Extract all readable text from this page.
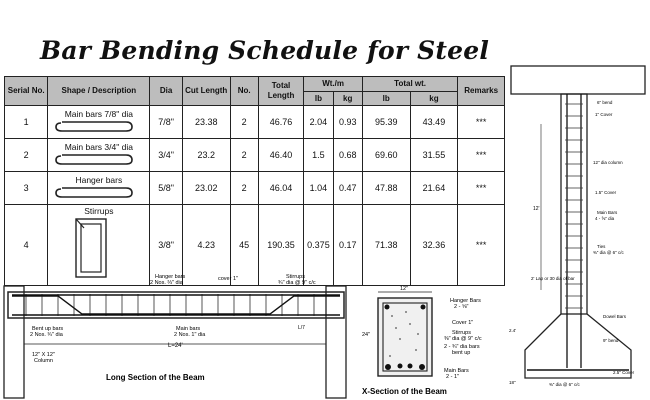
Bar Bending Schedule for Steel
Serial No.	Shape / Description	Dia	Cut Length	No.	Total Length	Wt./m		Total wt.		Remarks
						lb	kg	lb	kg	
1	Main bars 7/8" dia	7/8"	23.38	2	46.76	2.04	0.93	95.39	43.49	***
2	Main bars 3/4" dia	3/4"	23.2	2	46.40	1.5	0.68	69.60	31.55	***
3	Hanger bars	5/8"	23.02	2	46.04	1.04	0.47	47.88	21.64	***
4	Stirrups	3/8"	4.23	45	190.35	0.375	0.17	71.38	32.36	***
L=24'
Hanger bars
2 Nos. ⅔" dia
cover 1"	Stirrups
¾" dia @ 9" c/c
Bent up bars
2 Nos. ¾" dia
Main bars
2 Nos. 1" dia
L/7
12" X 12"
Column
Long Section of the Beam
12"
24"
Hanger Bars
2 - ⅝"
Cover 1"
Stirrups
⅜" dia @ 9" c/c
2 - ¾" dia bars
bent up
Main Bars
2 - 1"
X-Section of the Beam
12'
6" bend
1" Cover
12" dia column
1.5" Cover
Main Bars
4 - ⅝" dia
Ties
⅜" dia @ 6" c/c
2' Lap or 30 dia of bar
Dowel Bars
9" bend
2.4'
2.5" Cover
18"	⅜" dia @ 6" c/c
